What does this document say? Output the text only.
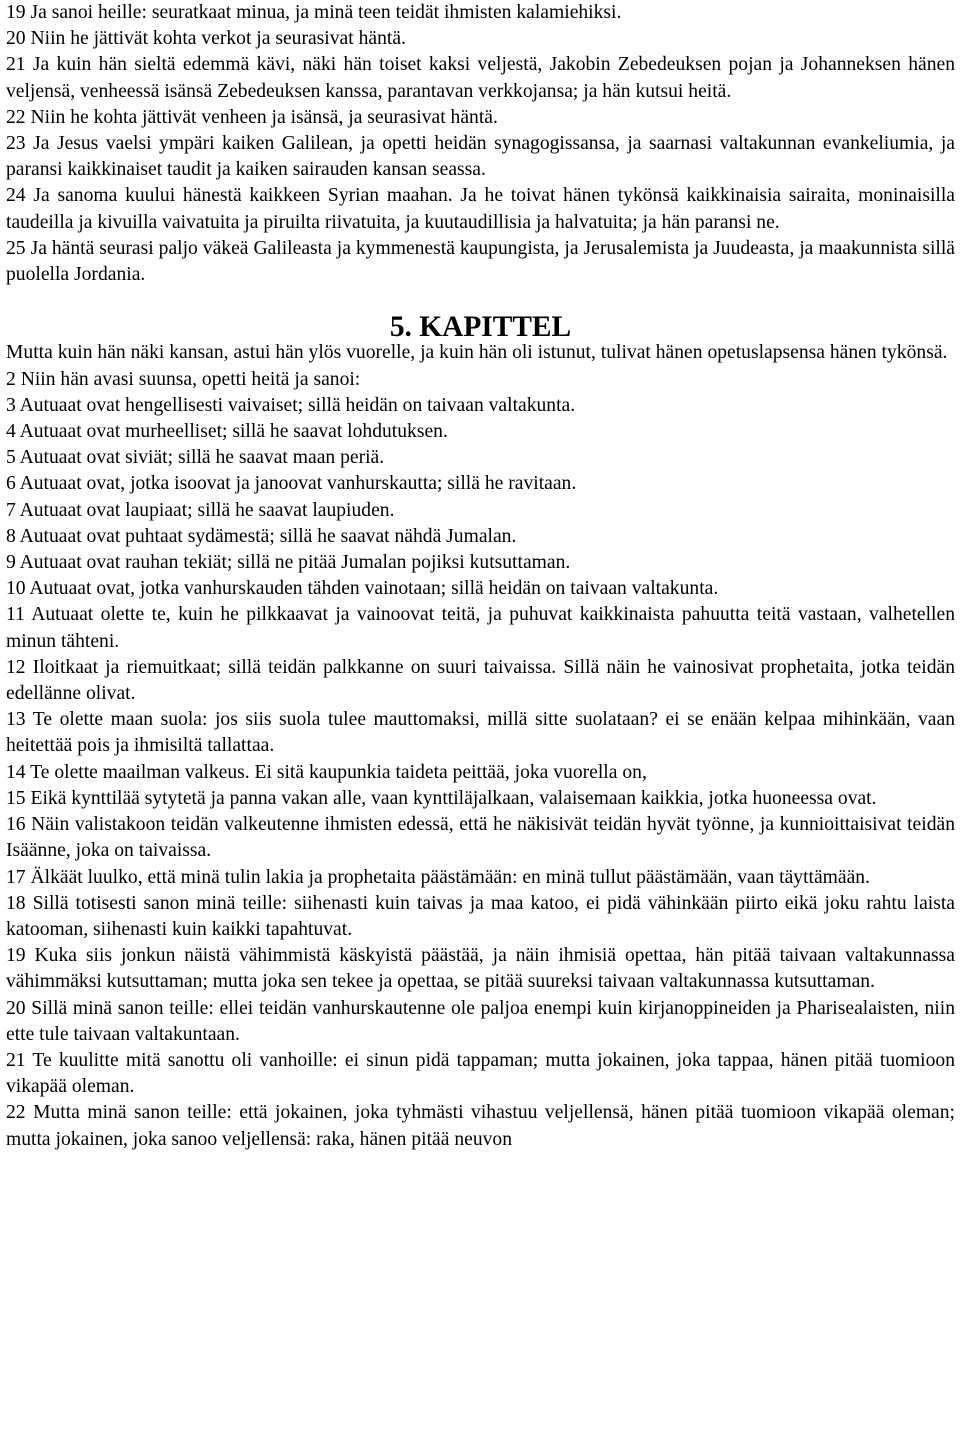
19 Ja sanoi heille: seuratkaat minua, ja minä teen teidät ihmisten kalamiehiksi.

20 Niin he jättivät kohta verkot ja seurasivat häntä.

21 Ja kuin hän sieltä edemmä kävi, näki hän toiset kaksi veljestä, Jakobin Zebedeuksen pojan ja Johanneksen hänen veljensä, venheessä isänsä Zebedeuksen kanssa, parantavan verkkojansa; ja hän kutsui heitä.

22 Niin he kohta jättivät venheen ja isänsä, ja seurasivat häntä.

23 Ja Jesus vaelsi ympäri kaiken Galilean, ja opetti heidän synagogissansa, ja saarnasi valtakunnan evankeliumia, ja paransi kaikkinaiset taudit ja kaiken sairauden kansan seassa.

24 Ja sanoma kuului hänestä kaikkeen Syrian maahan. Ja he toivat hänen tykönsä kaikkinaisia sairaita, moninaisilla taudeilla ja kivuilla vaivatuita ja piruilta riivatuita, ja kuutaudillisia ja halvatuita; ja hän paransi ne.

25 Ja häntä seurasi paljo väkeä Galileasta ja kymmenestä kaupungista, ja Jerusalemista ja Juudeasta, ja maakunnista sillä puolella Jordania.

5. KAPITTEL

Mutta kuin hän näki kansan, astui hän ylös vuorelle, ja kuin hän oli istunut, tulivat hänen opetuslapsensa hänen tykönsä.

2 Niin hän avasi suunsa, opetti heitä ja sanoi:

3 Autuaat ovat hengellisesti vaivaiset; sillä heidän on taivaan valtakunta.

4 Autuaat ovat murheelliset; sillä he saavat lohdutuksen.

5 Autuaat ovat siviät; sillä he saavat maan periä.

6 Autuaat ovat, jotka isoovat ja janoovat vanhurskautta; sillä he ravitaan.

7 Autuaat ovat laupiaat; sillä he saavat laupiuden.

8 Autuaat ovat puhtaat sydämestä; sillä he saavat nähdä Jumalan.

9 Autuaat ovat rauhan tekiät; sillä ne pitää Jumalan pojiksi kutsuttaman.

10 Autuaat ovat, jotka vanhurskauden tähden vainotaan; sillä heidän on taivaan valtakunta.

11 Autuaat olette te, kuin he pilkkaavat ja vainoovat teitä, ja puhuvat kaikkinaista pahuutta teitä vastaan, valhetellen minun tähteni.

12 Iloitkaat ja riemuitkaat; sillä teidän palkkanne on suuri taivaissa. Sillä näin he vainosivat prophetaita, jotka teidän edellänne olivat.

13 Te olette maan suola: jos siis suola tulee mauttomaksi, millä sitte suolataan? ei se enään kelpaa mihinkään, vaan heitettää pois ja ihmisiltä tallattaa.

14 Te olette maailman valkeus. Ei sitä kaupunkia taideta peittää, joka vuorella on,

15 Eikä kynttilää sytytetä ja panna vakan alle, vaan kynttiläjalkaan, valaisemaan kaikkia, jotka huoneessa ovat.

16 Näin valistakoon teidän valkeutenne ihmisten edessä, että he näkisivät teidän hyvät työnne, ja kunnioittaisivat teidän Isäänne, joka on taivaissa.

17 Älkäät luulko, että minä tulin lakia ja prophetaita päästämään: en minä tullut päästämään, vaan täyttämään.

18 Sillä totisesti sanon minä teille: siihenasti kuin taivas ja maa katoo, ei pidä vähinkään piirto eikä joku rahtu laista katooman, siihenasti kuin kaikki tapahtuvat.

19 Kuka siis jonkun näistä vähimmistä käskyistä päästää, ja näin ihmisiä opettaa, hän pitää taivaan valtakunnassa vähimmäksi kutsuttaman; mutta joka sen tekee ja opettaa, se pitää suureksi taivaan valtakunnassa kutsuttaman.

20 Sillä minä sanon teille: ellei teidän vanhurskautenne ole paljoa enempi kuin kirjanoppineiden ja Pharisealaisten, niin ette tule taivaan valtakuntaan.

21 Te kuulitte mitä sanottu oli vanhoille: ei sinun pidä tappaman; mutta jokainen, joka tappaa, hänen pitää tuomioon vikapää oleman.

22 Mutta minä sanon teille: että jokainen, joka tyhmästi vihastuu veljellensä, hänen pitää tuomioon vikapää oleman; mutta jokainen, joka sanoo veljellensä: raka, hänen pitää neuvon
